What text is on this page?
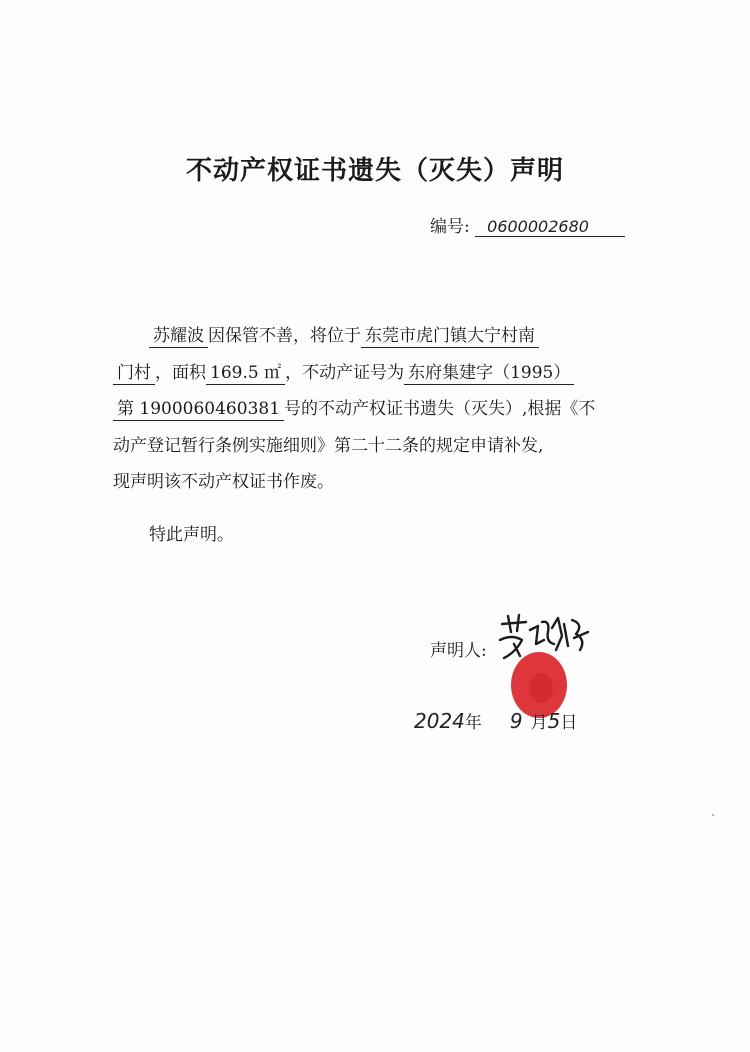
不动产权证书遗失（灭失）声明
编号: 0600002680
苏耀波 因保管不善，将位于 东莞市虎门镇大宁村南
门村 ，面积 169.5 ㎡ ，不动产证号为 东府集建字（1995）
第 1900060460381 号的不动产权证书遗失（灭失）,根据《不
动产登记暂行条例实施细则》第二十二条的规定申请补发,
现声明该不动产权证书作废。
特此声明。
声明人:
2024年 9 月5日
